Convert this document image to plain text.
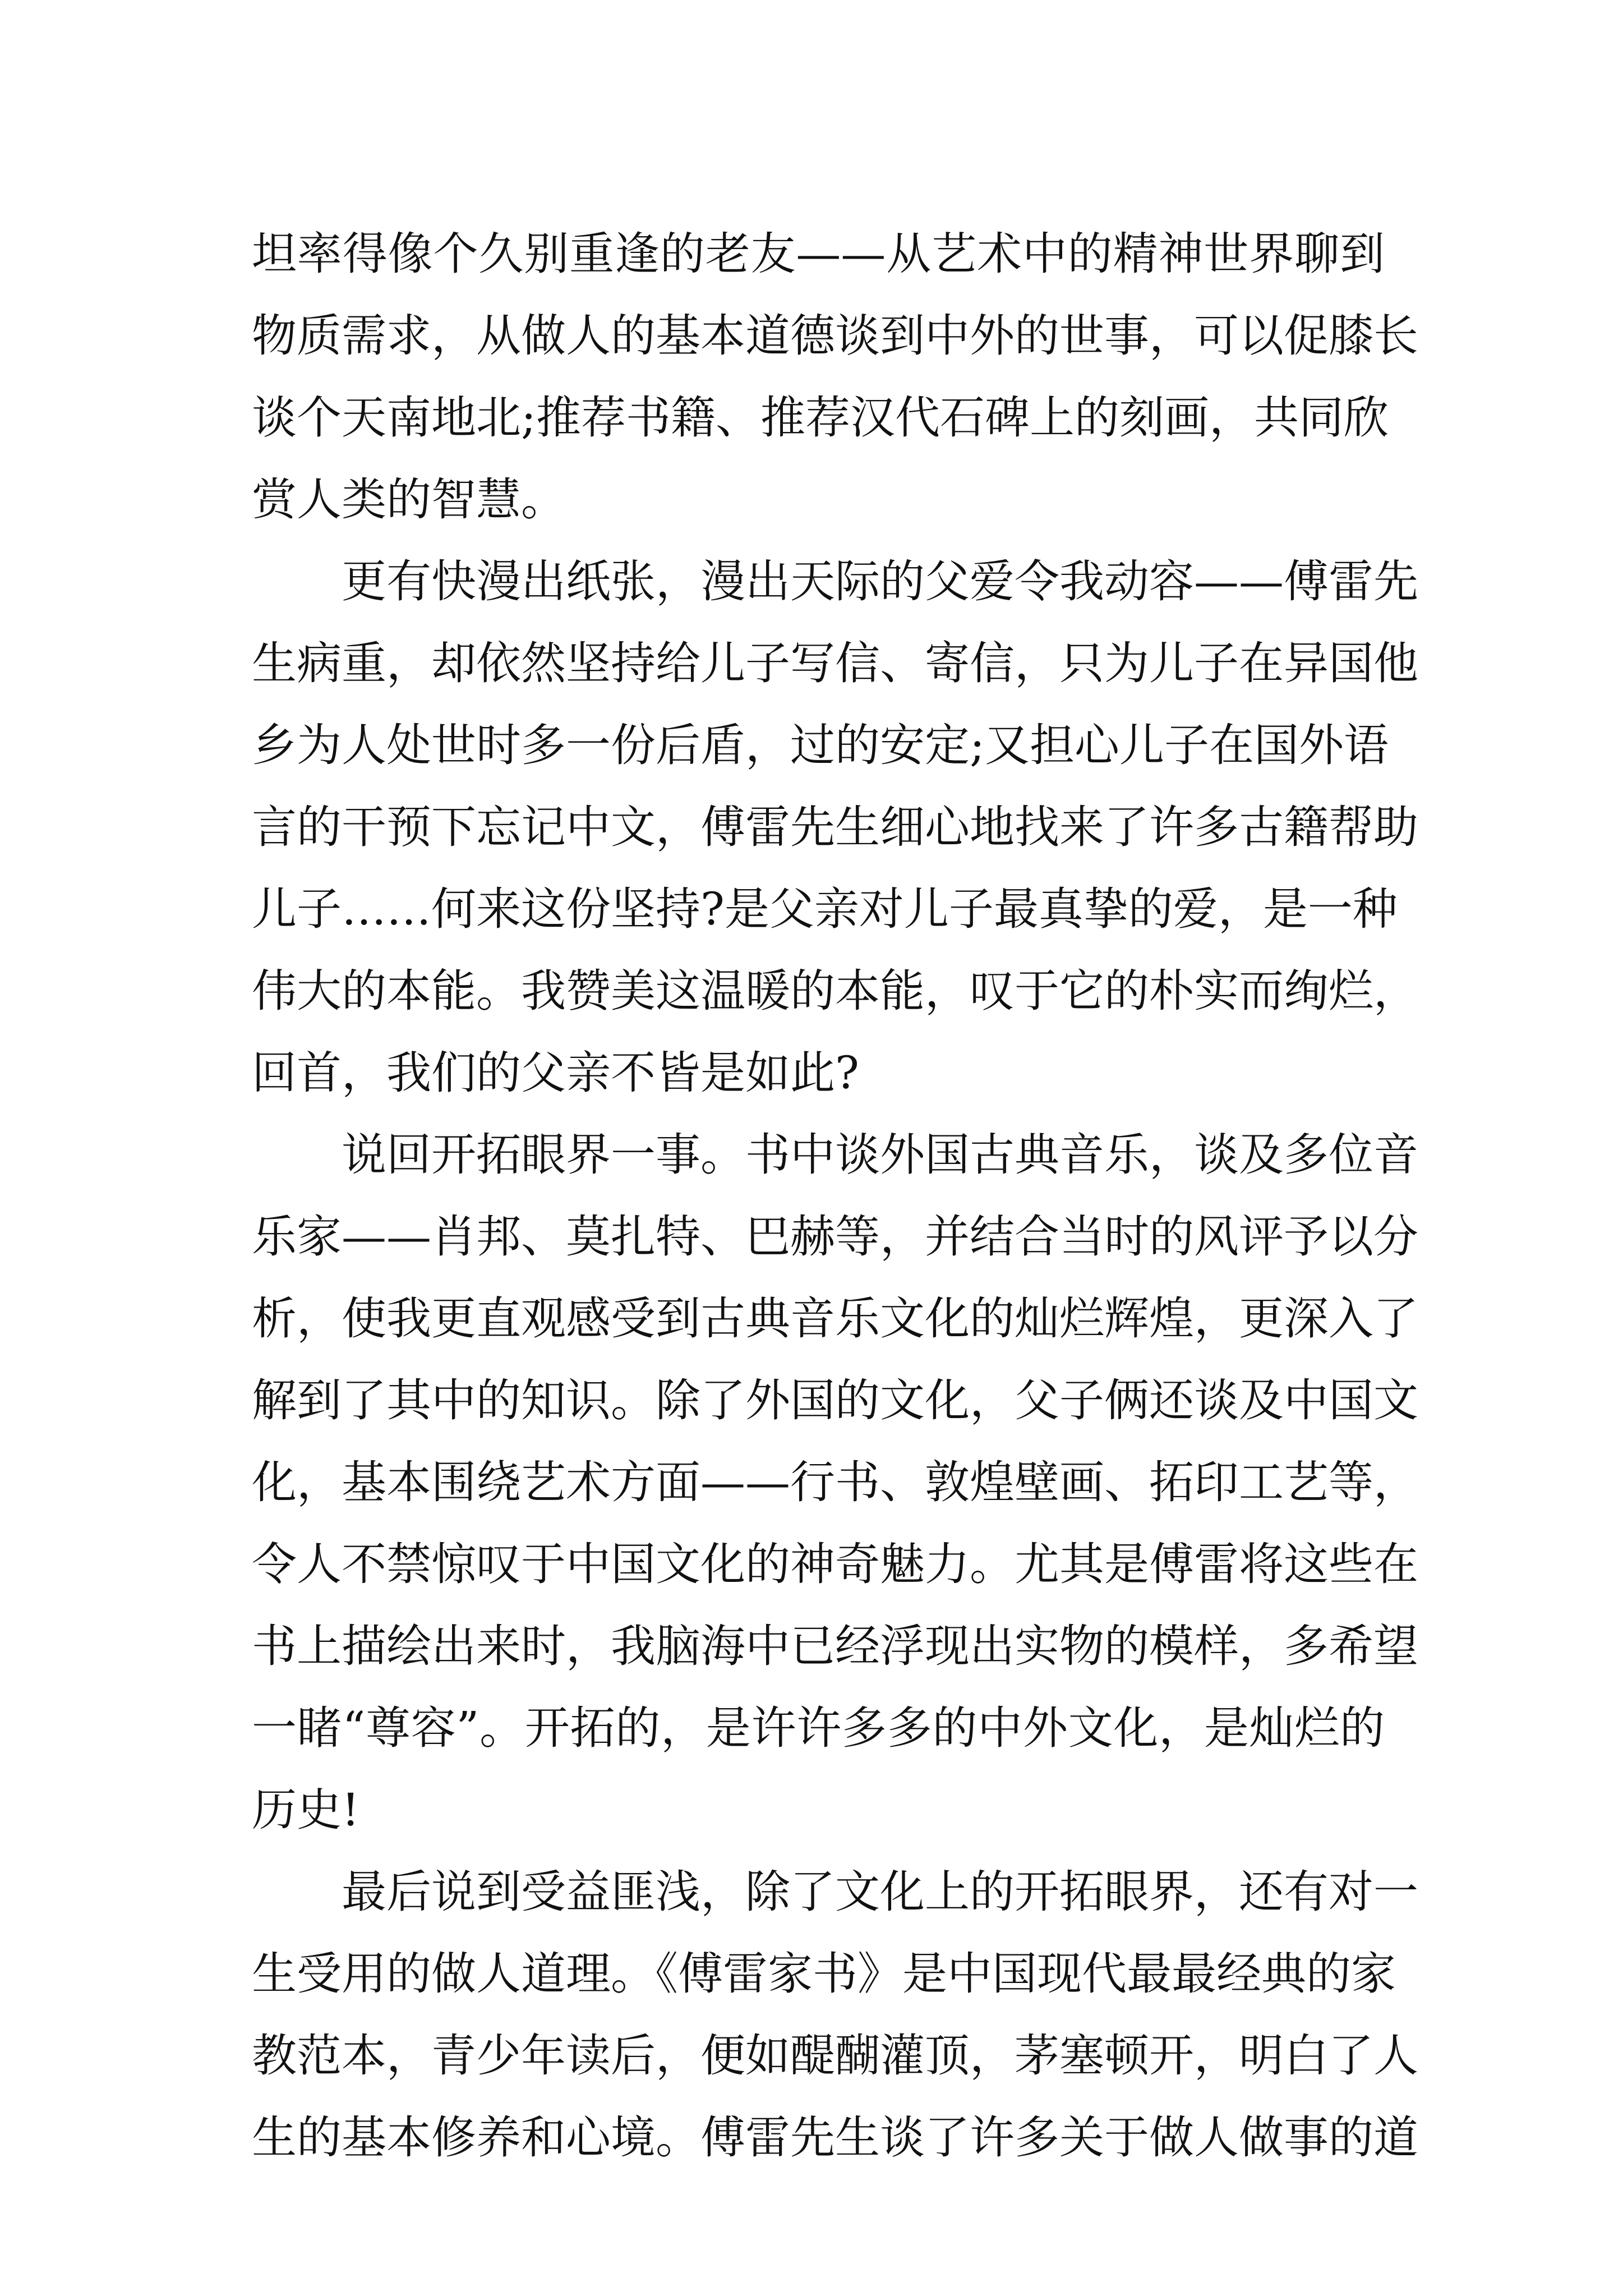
坦率得像个久别重逢的老友——从艺术中的精神世界聊到
物质需求，从做人的基本道德谈到中外的世事，可以促膝长
谈个天南地北;推荐书籍、推荐汉代石碑上的刻画，共同欣
赏人类的智慧。
更有快漫出纸张，漫出天际的父爱令我动容——傅雷先
生病重，却依然坚持给儿子写信、寄信，只为儿子在异国他
乡为人处世时多一份后盾，过的安定;又担心儿子在国外语
言的干预下忘记中文，傅雷先生细心地找来了许多古籍帮助
儿子……何来这份坚持?是父亲对儿子最真挚的爱，是一种
伟大的本能。我赞美这温暖的本能，叹于它的朴实而绚烂，
回首，我们的父亲不皆是如此?
说回开拓眼界一事。书中谈外国古典音乐，谈及多位音
乐家——肖邦、莫扎特、巴赫等，并结合当时的风评予以分
析，使我更直观感受到古典音乐文化的灿烂辉煌，更深入了
解到了其中的知识。除了外国的文化，父子俩还谈及中国文
化，基本围绕艺术方面——行书、敦煌壁画、拓印工艺等，
令人不禁惊叹于中国文化的神奇魅力。尤其是傅雷将这些在
书上描绘出来时，我脑海中已经浮现出实物的模样，多希望
一睹“尊容”。开拓的，是许许多多的中外文化，是灿烂的
历史!
最后说到受益匪浅，除了文化上的开拓眼界，还有对一
生受用的做人道理。《傅雷家书》是中国现代最最经典的家
教范本，青少年读后，便如醍醐灌顶，茅塞顿开，明白了人
生的基本修养和心境。傅雷先生谈了许多关于做人做事的道
